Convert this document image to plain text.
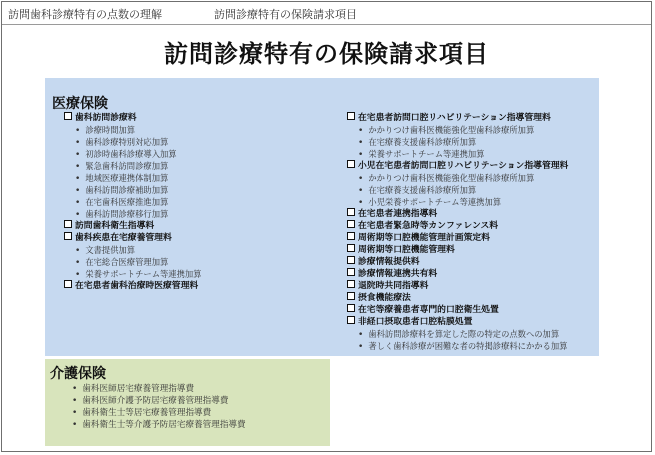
訪問歯科診療特有の点数の理解	訪問診療特有の保険請求項目
訪問診療特有の保険請求項目
医療保険
歯科訪問診療料
• 診療時間加算
• 歯科診療特別対応加算
• 初診時歯科診療導入加算
• 緊急歯科訪問診療加算
• 地域医療連携体制加算
• 歯科訪問診療補助加算
• 在宅歯科医療推進加算
• 歯科訪問診療移行加算
訪問歯科衛生指導料
歯科疾患在宅療養管理料
• 文書提供加算
• 在宅総合医療管理加算
• 栄養サポートチーム等連携加算
在宅患者歯科治療時医療管理料
在宅患者訪問口腔リハビリテーション指導管理料
• かかりつけ歯科医機能強化型歯科診療所加算
• 在宅療養支援歯科診療所加算
• 栄養サポートチーム等連携加算
小児在宅患者訪問口腔リハビリテーション指導管理料
• かかりつけ歯科医機能強化型歯科診療所加算
• 在宅療養支援歯科診療所加算
• 小児栄養サポートチーム等連携加算
在宅患者連携指導料
在宅患者緊急時等カンファレンス料
周術期等口腔機能管理計画策定料
周術期等口腔機能管理料
診療情報提供料
診療情報連携共有料
退院時共同指導料
摂食機能療法
在宅等療養患者専門的口腔衛生処置
非経口摂取患者口腔粘膜処置
• 歯科訪問診療料を算定した際の特定の点数への加算
• 著しく歯科診療が困難な者の特掲診療料にかかる加算
介護保険
• 歯科医師居宅療養管理指導費
• 歯科医師介護予防居宅療養管理指導費
• 歯科衛生士等居宅療養管理指導費
• 歯科衛生士等介護予防居宅療養管理指導費
